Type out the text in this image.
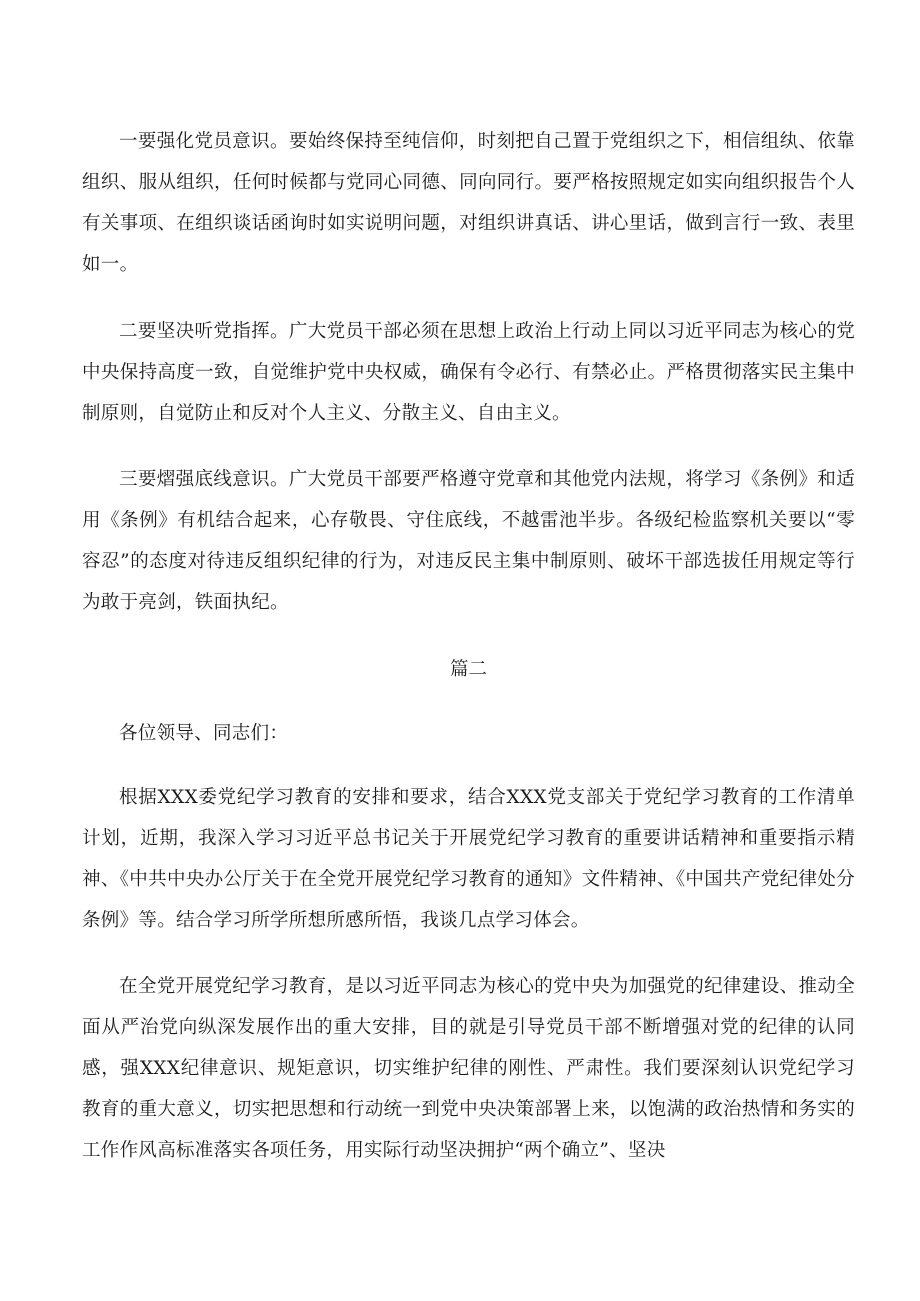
一要强化党员意识。要始终保持至纯信仰，时刻把自己置于党组织之下，相信组纨、依靠组织、服从组织，任何时候都与党同心同德、同向同行。要严格按照规定如实向组织报告个人有关事项、在组织谈话函询时如实说明问题，对组织讲真话、讲心里话，做到言行一致、表里如一。

二要坚决听党指挥。广大党员干部必须在思想上政治上行动上同以习近平同志为核心的党中央保持高度一致，自觉维护党中央权威，确保有令必行、有禁必止。严格贯彻落实民主集中制原则，自觉防止和反对个人主义、分散主义、自由主义。

三要熠强底线意识。广大党员干部要严格遵守党章和其他党内法规，将学习《条例》和适用《条例》有机结合起来，心存敬畏、守住底线，不越雷池半步。各级纪检监察机关要以“零容忍”的态度对待违反组织纪律的行为，对违反民主集中制原则、破坏干部选拔任用规定等行为敢于亮剑，铁面执纪。

篇二

各位领导、同志们：

根据XXX委党纪学习教育的安排和要求，结合XXX党支部关于党纪学习教育的工作清单计划，近期，我深入学习习近平总书记关于开展党纪学习教育的重要讲话精神和重要指示精神、《中共中央办公厅关于在全党开展党纪学习教育的通知》文件精神、《中国共产党纪律处分条例》等。结合学习所学所想所感所悟，我谈几点学习体会。

在全党开展党纪学习教育，是以习近平同志为核心的党中央为加强党的纪律建设、推动全面从严治党向纵深发展作出的重大安排，目的就是引导党员干部不断增强对党的纪律的认同感，强XXX纪律意识、规矩意识，切实维护纪律的刚性、严肃性。我们要深刻认识党纪学习教育的重大意义，切实把思想和行动统一到党中央决策部署上来，以饱满的政治热情和务实的工作作风高标准落实各项任务，用实际行动坚决拥护“两个确立”、坚决
